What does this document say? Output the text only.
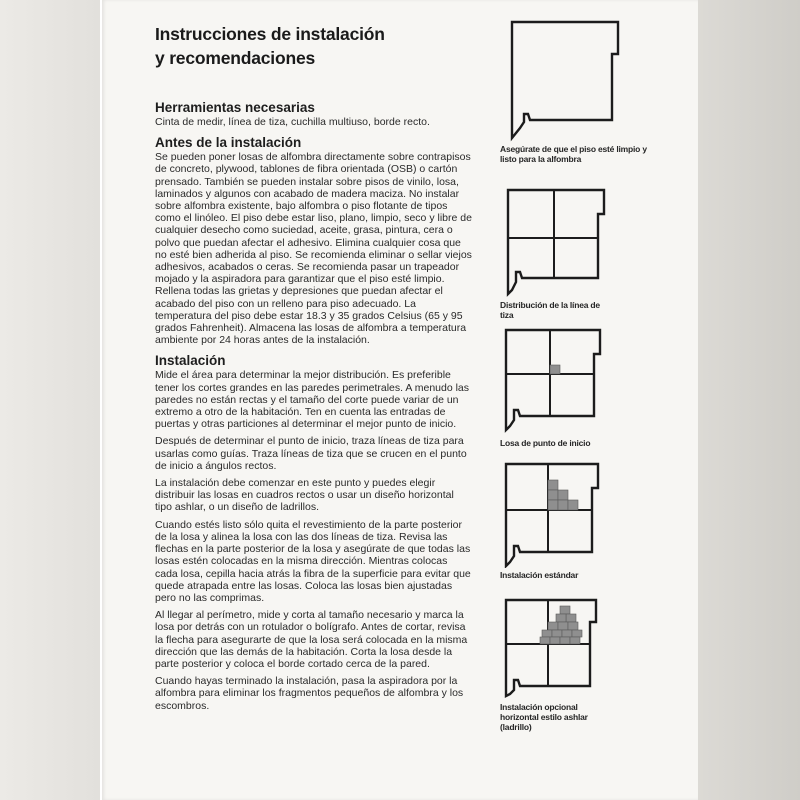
Instrucciones de instalación
y recomendaciones
Herramientas necesarias

Cinta de medir, línea de tiza, cuchilla multiuso, borde recto.

Antes de la instalación

Se pueden poner losas de alfombra directamente sobre contrapisos de concreto, plywood, tablones de fibra orientada (OSB) o cartón prensado. También se pueden instalar sobre pisos de vinilo, losa, laminados y algunos con acabado de madera maciza. No instalar sobre alfombra existente, bajo alfombra o piso flotante de tipos como el linóleo. El piso debe estar liso, plano, limpio, seco y libre de cualquier desecho como suciedad, aceite, grasa, pintura, cera o polvo que puedan afectar el adhesivo. Elimina cualquier cosa que no esté bien adherida al piso. Se recomienda eliminar o sellar viejos adhesivos, acabados o ceras. Se recomienda pasar un trapeador mojado y la aspiradora para garantizar que el piso esté limpio. Rellena todas las grietas y depresiones que puedan afectar el acabado del piso con un relleno para piso adecuado. La temperatura del piso debe estar 18.3 y 35 grados Celsius (65 y 95 grados Fahrenheit). Almacena las losas de alfombra a temperatura ambiente por 24 horas antes de la instalación.

Instalación

Mide el área para determinar la mejor distribución. Es preferible tener los cortes grandes en las paredes perimetrales. A menudo las paredes no están rectas y el tamaño del corte puede variar de un extremo a otro de la habitación. Ten en cuenta las entradas de puertas y otras particiones al determinar el mejor punto de inicio.

Después de determinar el punto de inicio, traza líneas de tiza para usarlas como guías. Traza líneas de tiza que se crucen en el punto de inicio a ángulos rectos.

La instalación debe comenzar en este punto y puedes elegir distribuir las losas en cuadros rectos o usar un diseño horizontal tipo ashlar, o un diseño de ladrillos.

Cuando estés listo sólo quita el revestimiento de la parte posterior de la losa y alinea la losa con las dos líneas de tiza. Revisa las flechas en la parte posterior de la losa y asegúrate de que todas las losas estén colocadas en la misma dirección. Mientras colocas cada losa, cepilla hacia atrás la fibra de la superficie para evitar que quede atrapada entre las losas. Coloca las losas bien ajustadas pero no las comprimas.

Al llegar al perímetro, mide y corta al tamaño necesario y marca la losa por detrás con un rotulador o bolígrafo. Antes de cortar, revisa la flecha para asegurarte de que la losa será colocada en la misma dirección que las demás de la habitación. Corta la losa desde la parte posterior y coloca el borde cortado cerca de la pared.

Cuando hayas terminado la instalación, pasa la aspiradora por la alfombra para eliminar los fragmentos pequeños de alfombra y los escombros.

Asegúrate de que el piso esté limpio y listo para la alfombra
Distribución de la línea de tiza
Losa de punto de inicio
Instalación estándar
Instalación opcional horizontal estilo ashlar (ladrillo)
